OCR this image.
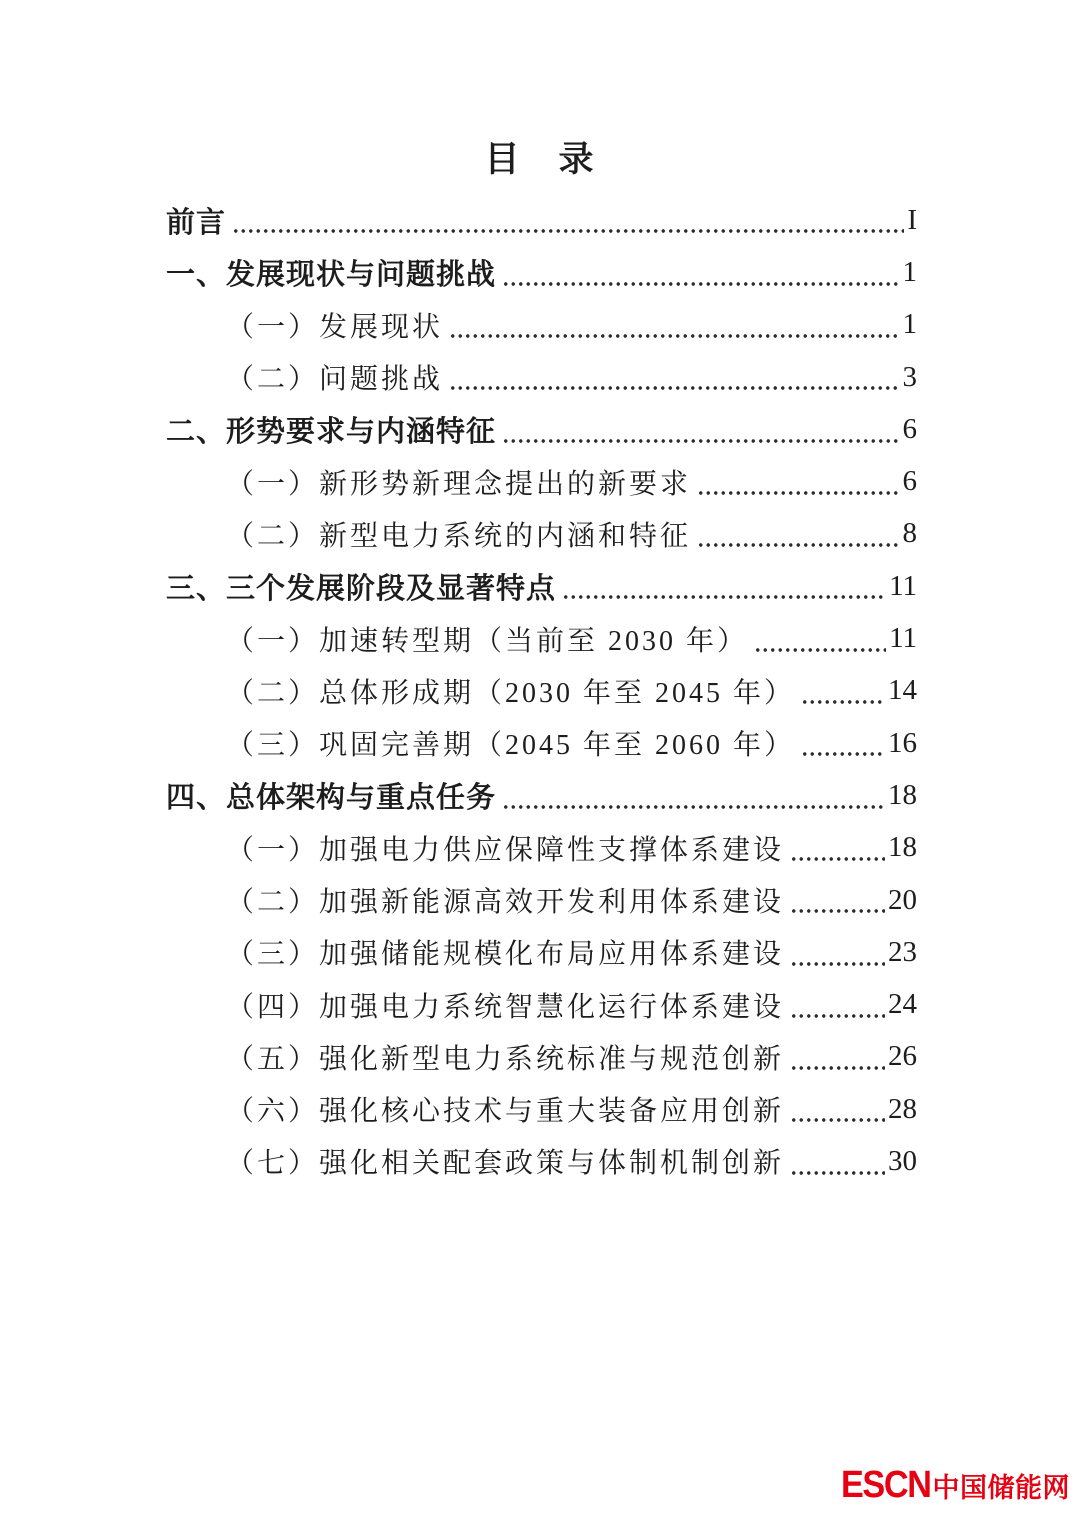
目　录
前言	I
一、发展现状与问题挑战	1
（一）发展现状	1
（二）问题挑战	3
二、形势要求与内涵特征	6
（一）新形势新理念提出的新要求	6
（二）新型电力系统的内涵和特征	8
三、三个发展阶段及显著特点	11
（一）加速转型期（当前至 2030 年）	11
（二）总体形成期（2030 年至 2045 年）	14
（三）巩固完善期（2045 年至 2060 年）	16
四、总体架构与重点任务	18
（一）加强电力供应保障性支撑体系建设	18
（二）加强新能源高效开发利用体系建设	20
（三）加强储能规模化布局应用体系建设	23
（四）加强电力系统智慧化运行体系建设	24
（五）强化新型电力系统标准与规范创新	26
（六）强化核心技术与重大装备应用创新	28
（七）强化相关配套政策与体制机制创新	30
ESCN 中国储能网
